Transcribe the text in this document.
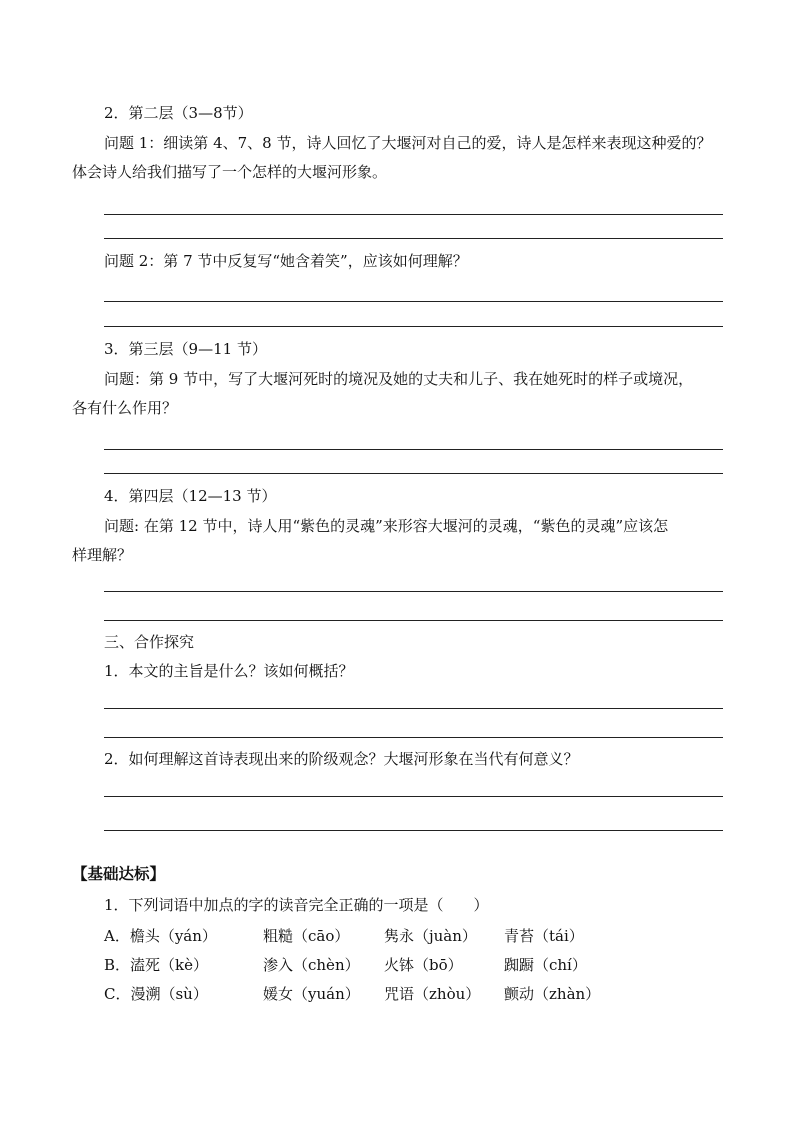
2．第二层（3—8节）
问题 1：细读第 4、7、8 节，诗人回忆了大堰河对自己的爱，诗人是怎样来表现这种爱的？
体会诗人给我们描写了一个怎样的大堰河形象。
问题 2：第 7 节中反复写“她含着笑”，应该如何理解？
3．第三层（9—11 节）
问题：第 9 节中，写了大堰河死时的境况及她的丈夫和儿子、我在她死时的样子或境况，
各有什么作用？
4．第四层（12—13 节）
问题: 在第 12 节中，诗人用“紫色的灵魂”来形容大堰河的灵魂，“紫色的灵魂”应该怎
样理解？
三、合作探究
1．本文的主旨是什么？该如何概括？
2．如何理解这首诗表现出来的阶级观念？大堰河形象在当代有何意义？
【基础达标】
1．下列词语中加点的字的读音完全正确的一项是（　　）
A．檐头（yán）	粗糙（cāo） 隽永（juàn） 青苔（tái）
B．溘死（kè）	渗入（chèn） 火钵（bō）	踟蹰（chí）
C．漫溯（sù）	媛女（yuán） 咒语（zhòu） 颤动（zhàn）
